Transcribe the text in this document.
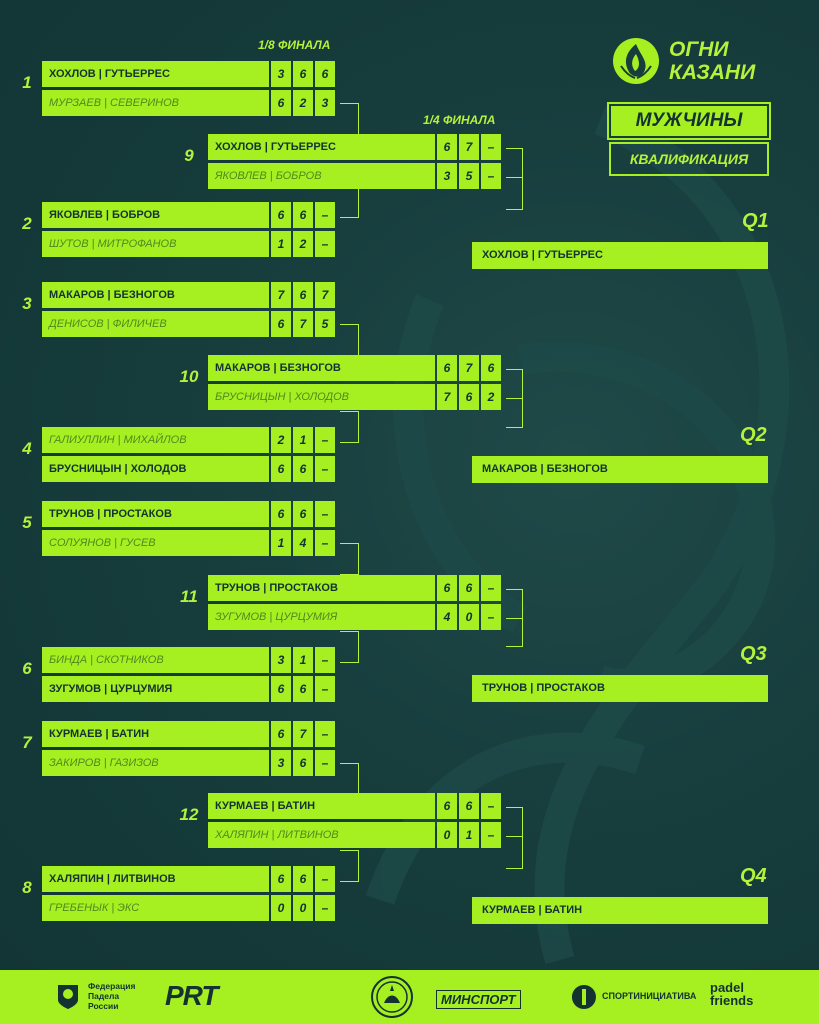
1/8 ФИНАЛА
1/4 ФИНАЛА
ОГНИ
КАЗАНИ
МУЖЧИНЫ
КВАЛИФИКАЦИЯ
ХОХЛОВ | ГУТЬЕРРЕС	3	6	6
МУРЗАЕВ | СЕВЕРИНОВ	6	2	3
1
ЯКОВЛЕВ | БОБРОВ	6	6	–
ШУТОВ | МИТРОФАНОВ	1	2	–
2
МАКАРОВ | БЕЗНОГОВ	7	6	7
ДЕНИСОВ | ФИЛИЧЕВ	6	7	5
3
ГАЛИУЛЛИН | МИХАЙЛОВ	2	1	–
БРУСНИЦЫН | ХОЛОДОВ	6	6	–
4
ТРУНОВ | ПРОСТАКОВ	6	6	–
СОЛУЯНОВ | ГУСЕВ	1	4	–
5
БИНДА | СКОТНИКОВ	3	1	–
ЗУГУМОВ | ЦУРЦУМИЯ	6	6	–
6
КУРМАЕВ | БАТИН	6	7	–
ЗАКИРОВ | ГАЗИЗОВ	3	6	–
7
ХАЛЯПИН | ЛИТВИНОВ	6	6	–
ГРЕБЕНЫК | ЭКС	0	0	–
8
ХОХЛОВ | ГУТЬЕРРЕС	6	7	–
ЯКОВЛЕВ | БОБРОВ	3	5	–
9
МАКАРОВ | БЕЗНОГОВ	6	7	6
БРУСНИЦЫН | ХОЛОДОВ	7	6	2
10
ТРУНОВ | ПРОСТАКОВ	6	6	–
ЗУГУМОВ | ЦУРЦУМИЯ	4	0	–
11
КУРМАЕВ | БАТИН	6	6	–
ХАЛЯПИН | ЛИТВИНОВ	0	1	–
12
Q1
ХОХЛОВ | ГУТЬЕРРЕС
Q2
МАКАРОВ | БЕЗНОГОВ
Q3
ТРУНОВ | ПРОСТАКОВ
Q4
КУРМАЕВ | БАТИН
Федерация
Падела
России	PRT	МИНСПОРТ	СПОРТИНИЦИАТИВА
padel
friends
